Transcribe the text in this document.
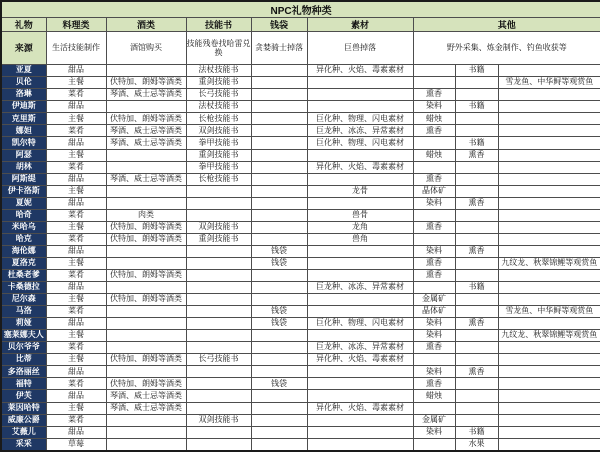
NPC礼物种类								
礼物	料理类	酒类	技能书	钱袋	素材	其他		
来源	生活技能制作	酒馆购买	技能残卷找哈雷兑换	贪婪骑士掉落	巨兽掉落	野外采集、炼金制作、钓鱼收获等		
亚夏	甜品		法杖技能书		异化种、火焰、毒素素材		书籍	
贝伦	主餐	伏特加、朗姆等酒类	重剑技能书					雪龙鱼、中华鲟等观赏鱼
洛琳	菜肴	琴酒、威士忌等酒类	长弓技能书			熏香		
伊迪斯	甜品		法杖技能书			染料	书籍	
克里斯	主餐	伏特加、朗姆等酒类	长枪技能书		巨化种、物理、闪电素材	蜡烛		
娜妲	菜肴	琴酒、威士忌等酒类	双剑技能书		巨龙种、冰冻、异常素材	熏香		
凯尔特	甜品	琴酒、威士忌等酒类	拳甲技能书		巨化种、物理、闪电素材		书籍	
阿瑟	主餐		重剑技能书			蜡烛	熏香	
胡林	菜肴		拳甲技能书		异化种、火焰、毒素素材			
阿斯缇	甜品	琴酒、威士忌等酒类	长枪技能书			熏香		
伊卡洛斯	主餐				龙骨	晶体矿		
夏妮	甜品					染料	熏香	
哈奇	菜肴	肉类			兽骨			
米哈乌	主餐	伏特加、朗姆等酒类	双剑技能书		龙角	熏香		
哈克	菜肴	伏特加、朗姆等酒类	重剑技能书		兽角			
海伦娜	甜品			钱袋		染料	熏香	
夏洛克	主餐			钱袋		熏香		九纹龙、秋翠锦鲤等观赏鱼
杜桑老爹	菜肴	伏特加、朗姆等酒类				熏香		
卡桑德拉	甜品				巨龙种、冰冻、异常素材		书籍	
尼尔森	主餐	伏特加、朗姆等酒类				金属矿		
马洛	菜肴			钱袋		晶体矿		雪龙鱼、中华鲟等观赏鱼
莉娅	甜品			钱袋	巨化种、物理、闪电素材	染料	熏香	
塞莱娜夫人	主餐					染料		九纹龙、秋翠锦鲤等观赏鱼
贝尔爷爷	菜肴				巨龙种、冰冻、异常素材	熏香		
比蒂	主餐	伏特加、朗姆等酒类	长弓技能书		异化种、火焰、毒素素材			
多洛丽丝	甜品					染料	熏香	
福特	菜肴	伏特加、朗姆等酒类		钱袋		熏香		
伊芙	甜品	琴酒、威士忌等酒类				蜡烛		
莱因哈特	主餐	琴酒、威士忌等酒类			异化种、火焰、毒素素材			
威廉公爵	菜肴		双剑技能书			金属矿		
艾薇儿	甜品					染料	书籍	
采采	草莓						水果	
